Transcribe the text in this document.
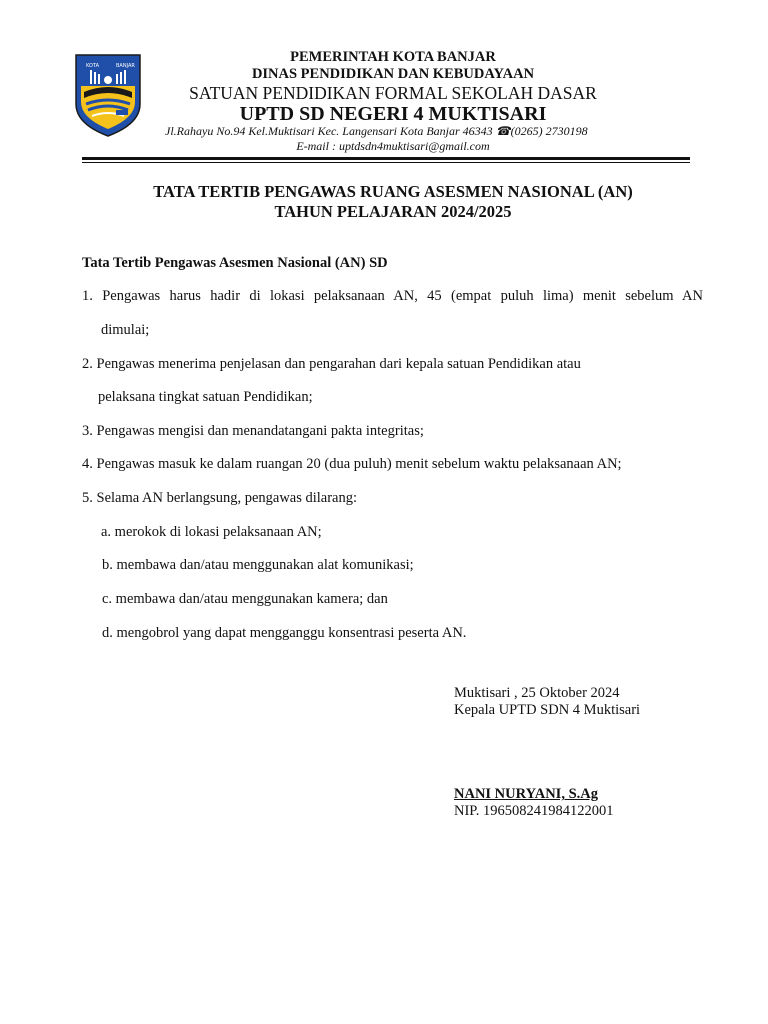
KOTA	BANJAR
PEMERINTAH KOTA BANJAR
DINAS PENDIDIKAN DAN KEBUDAYAAN
SATUAN PENDIDIKAN FORMAL SEKOLAH DASAR
UPTD SD NEGERI 4 MUKTISARI
Jl.Rahayu No.94 Kel.Muktisari Kec. Langensari Kota Banjar 46343 ☎(0265) 2730198
E-mail : uptdsdn4muktisari@gmail.com
TATA TERTIB PENGAWAS RUANG ASESMEN NASIONAL (AN)
TAHUN PELAJARAN 2024/2025
Tata Tertib Pengawas Asesmen Nasional (AN) SD
1. Pengawas harus hadir di lokasi pelaksanaan AN, 45 (empat puluh lima) menit sebelum AN
dimulai;
2. Pengawas menerima penjelasan dan pengarahan dari kepala satuan Pendidikan atau
pelaksana tingkat satuan Pendidikan;
3. Pengawas mengisi dan menandatangani pakta integritas;
4. Pengawas masuk ke dalam ruangan 20 (dua puluh) menit sebelum waktu pelaksanaan AN;
5. Selama AN berlangsung, pengawas dilarang:
a. merokok di lokasi pelaksanaan AN;
b. membawa dan/atau menggunakan alat komunikasi;
c. membawa dan/atau menggunakan kamera; dan
d. mengobrol yang dapat mengganggu konsentrasi peserta AN.
Muktisari , 25 Oktober 2024
Kepala UPTD SDN 4 Muktisari
NANI NURYANI, S.Ag
NIP. 196508241984122001
